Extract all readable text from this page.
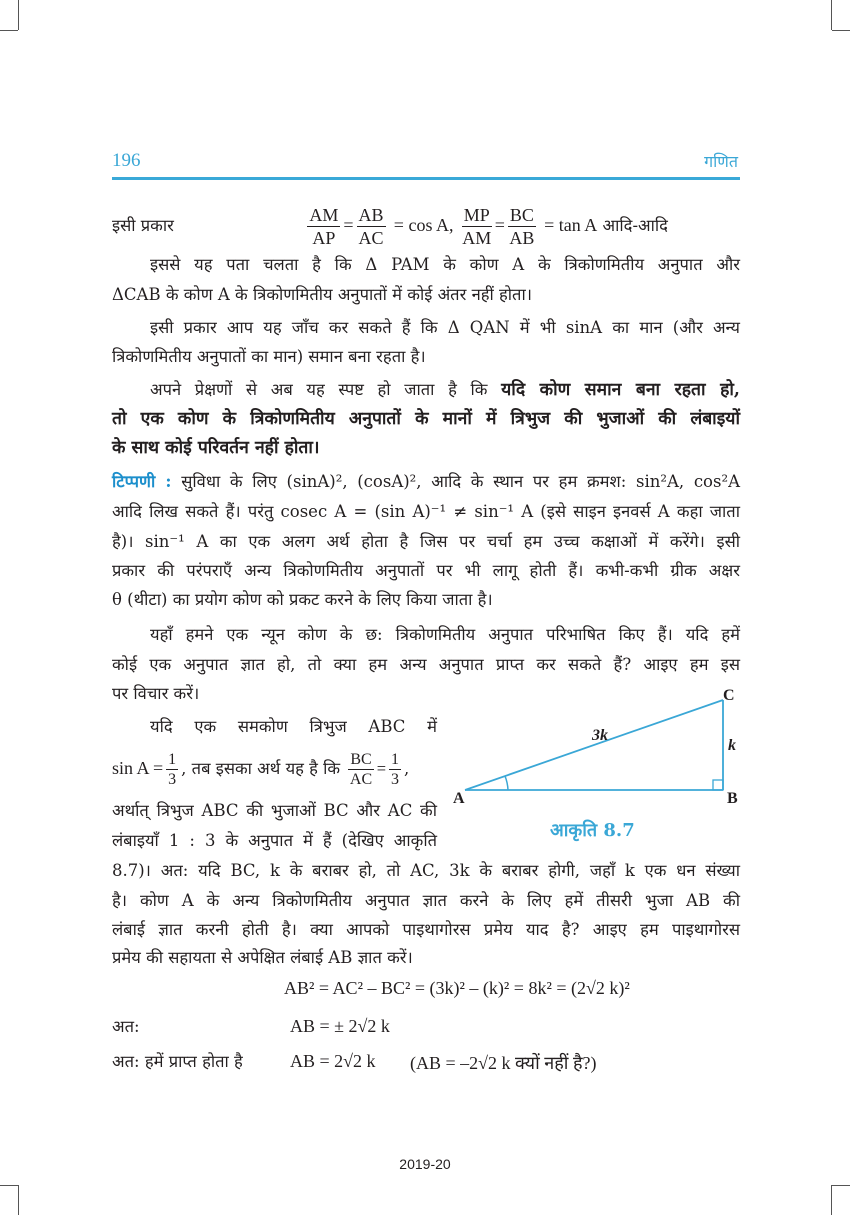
196	गणित
इसी प्रकार	$\frac{AM}{AP} = \frac{AB}{AC} = \cos A$, $\frac{MP}{AM} = \frac{BC}{AB} = \tan A$ आदि-आदि
इससे यह पता चलता है कि Δ PAM के कोण A के त्रिकोणमितीय अनुपात और
ΔCAB के कोण A के त्रिकोणमितीय अनुपातों में कोई अंतर नहीं होता।
इसी प्रकार आप यह जाँच कर सकते हैं कि Δ QAN में भी sinA का मान (और अन्य
त्रिकोणमितीय अनुपातों का मान) समान बना रहता है।
अपने प्रेक्षणों से अब यह स्पष्ट हो जाता है कि यदि कोण समान बना रहता हो,
तो एक कोण के त्रिकोणमितीय अनुपातों के मानों में त्रिभुज की भुजाओं की लंबाइयों
के साथ कोई परिवर्तन नहीं होता।
टिप्पणी : सुविधा के लिए (sinA)², (cosA)², आदि के स्थान पर हम क्रमश: sin²A, cos²A
आदि लिख सकते हैं। परंतु cosec A = (sin A)⁻¹ ≠ sin⁻¹ A (इसे साइन इनवर्स A कहा जाता
है)। sin⁻¹ A का एक अलग अर्थ होता है जिस पर चर्चा हम उच्च कक्षाओं में करेंगे। इसी
प्रकार की परंपराएँ अन्य त्रिकोणमितीय अनुपातों पर भी लागू होती हैं। कभी-कभी ग्रीक अक्षर
θ (थीटा) का प्रयोग कोण को प्रकट करने के लिए किया जाता है।
यहाँ हमने एक न्यून कोण के छ: त्रिकोणमितीय अनुपात परिभाषित किए हैं। यदि हमें
कोई एक अनुपात ज्ञात हो, तो क्या हम अन्य अनुपात प्राप्त कर सकते हैं? आइए हम इस
पर विचार करें।
यदि एक समकोण त्रिभुज ABC में
$\sin A = \frac{1}{3}$ , तब इसका अर्थ यह है कि $\frac{BC}{AC} = \frac{1}{3}$ ,
अर्थात् त्रिभुज ABC की भुजाओं BC और AC की
लंबाइयाँ 1 : 3 के अनुपात में हैं (देखिए आकृति
8.7)। अत: यदि BC, k के बराबर हो, तो AC, 3k के बराबर होगी, जहाँ k एक धन संख्या
है। कोण A के अन्य त्रिकोणमितीय अनुपात ज्ञात करने के लिए हमें तीसरी भुजा AB की
लंबाई ज्ञात करनी होती है। क्या आपको पाइथागोरस प्रमेय याद है? आइए हम पाइथागोरस
प्रमेय की सहायता से अपेक्षित लंबाई AB ज्ञात करें।
A	B
C
3k
k
आकृति 8.7
AB² = AC² – BC² = (3k)² – (k)² = 8k² = (2√2 k)²
अत:	AB = ± 2√2 k
अत: हमें प्राप्त होता है	AB = 2√2 k (AB = –2√2 k क्यों नहीं है?)
2019-20
